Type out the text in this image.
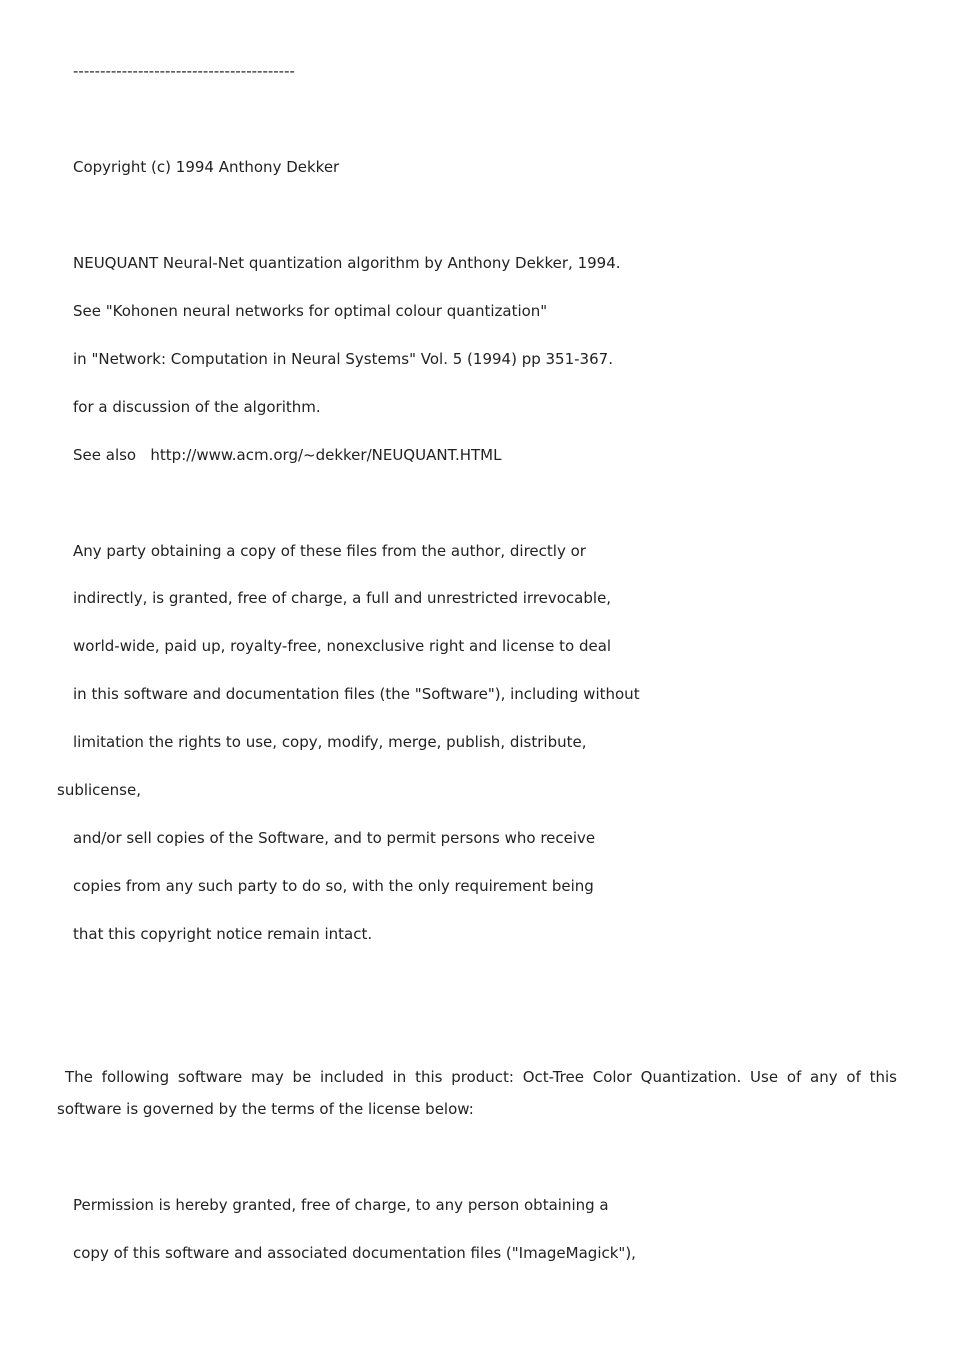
-----------------------------------------
Copyright (c) 1994 Anthony Dekker
NEUQUANT Neural-Net quantization algorithm by Anthony Dekker, 1994.
See "Kohonen neural networks for optimal colour quantization"
in "Network: Computation in Neural Systems" Vol. 5 (1994) pp 351-367.
for a discussion of the algorithm.
See also   http://www.acm.org/~dekker/NEUQUANT.HTML
Any party obtaining a copy of these files from the author, directly or
indirectly, is granted, free of charge, a full and unrestricted irrevocable,
world-wide, paid up, royalty-free, nonexclusive right and license to deal
in this software and documentation files (the "Software"), including without
limitation the rights to use, copy, modify, merge, publish, distribute,
sublicense,
and/or sell copies of the Software, and to permit persons who receive
copies from any such party to do so, with the only requirement being
that this copyright notice remain intact.
The following software may be included in this product: Oct-Tree Color Quantization. Use of any of this software is governed by the terms of the license below:
Permission is hereby granted, free of charge, to any person obtaining a
copy of this software and associated documentation files ("ImageMagick"),
